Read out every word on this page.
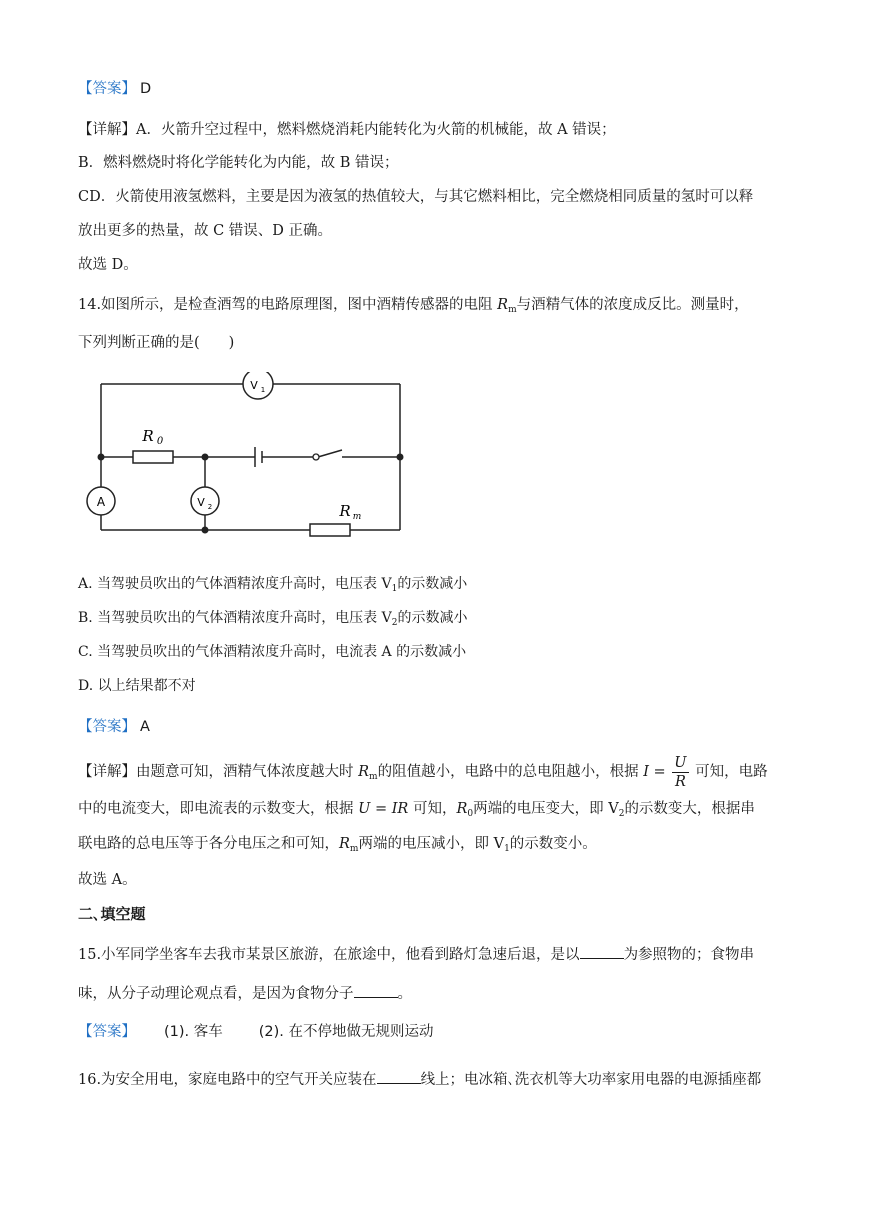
【答案】 D
【详解】A．火箭升空过程中，燃料燃烧消耗内能转化为火箭的机械能，故 A 错误；
B．燃料燃烧时将化学能转化为内能，故 B 错误；
CD．火箭使用液氢燃料，主要是因为液氢的热值较大，与其它燃料相比，完全燃烧相同质量的氢时可以释
放出更多的热量，故 C 错误、D 正确。
故选 D。
14.如图所示，是检查酒驾的电路原理图，图中酒精传感器的电阻 $R_m$与酒精气体的浓度成反比。测量时，
下列判断正确的是(　　)
V 1
V 2
A
R 0
R m
A. 当驾驶员吹出的气体酒精浓度升高时，电压表 $V_1$的示数减小
B. 当驾驶员吹出的气体酒精浓度升高时，电压表 $V_2$的示数减小
C. 当驾驶员吹出的气体酒精浓度升高时，电流表 A 的示数减小
D. 以上结果都不对
【答案】 A
【详解】由题意可知，酒精气体浓度越大时 $R_m$的阻值越小，电路中的总电阻越小，根据 $I = \frac{U}{R}$ 可知，电路
中的电流变大，即电流表的示数变大，根据 U = IR 可知，$R_0$两端的电压变大，即 $V_2$的示数变大，根据串
联电路的总电压等于各分电压之和可知，$R_m$两端的电压减小，即 $V_1$的示数变小。
故选 A。
二､填空题
15.小军同学坐客车去我市某景区旅游，在旅途中，他看到路灯急速后退，是以	为参照物的；食物串
味，从分子动理论观点看，是因为食物分子	。
【答案】 (1). 客车 (2). 在不停地做无规则运动
16.为安全用电，家庭电路中的空气开关应装在	线上；电冰箱､洗衣机等大功率家用电器的电源插座都
